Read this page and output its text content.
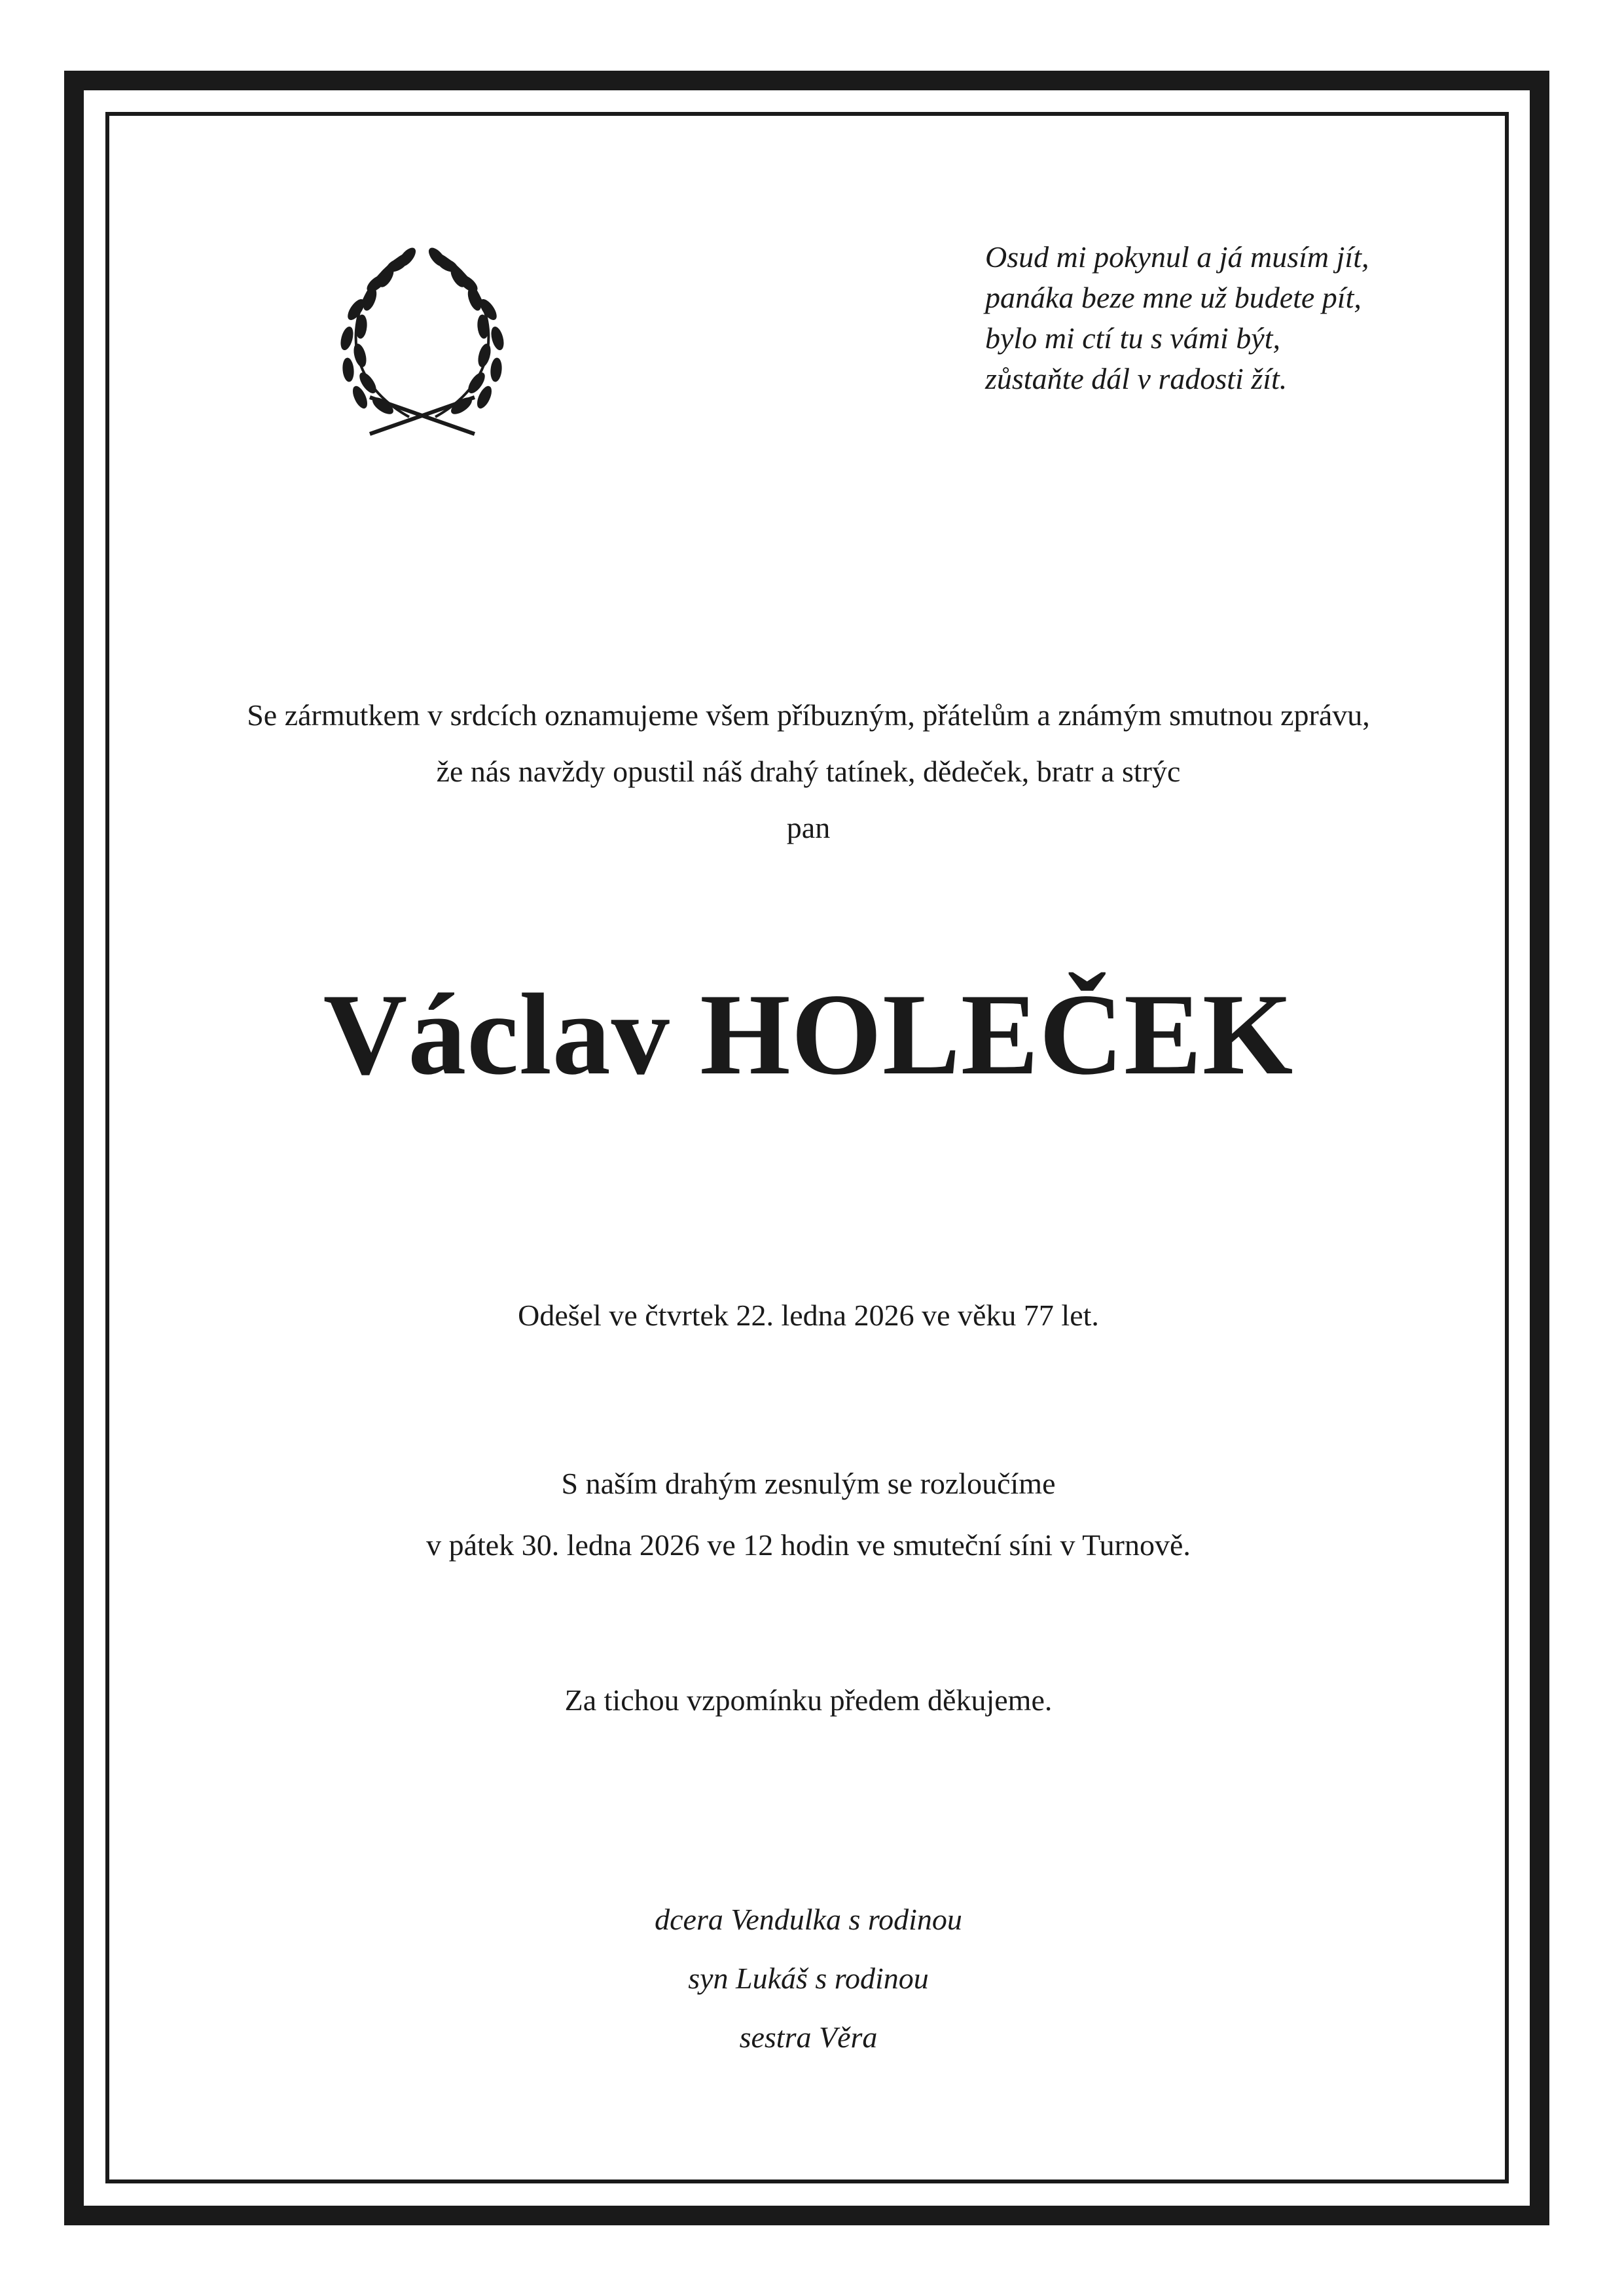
Osud mi pokynul a já musím jít,
panáka beze mne už budete pít,
bylo mi ctí tu s vámi být,
zůstaňte dál v radosti žít.
Se zármutkem v srdcích oznamujeme všem příbuzným, přátelům a známým smutnou zprávu,
že nás navždy opustil náš drahý tatínek, dědeček, bratr a strýc
pan
Václav HOLEČEK
Odešel ve čtvrtek 22. ledna 2026 ve věku 77 let.
S naším drahým zesnulým se rozloučíme
v pátek 30. ledna 2026 ve 12 hodin ve smuteční síni v Turnově.
Za tichou vzpomínku předem děkujeme.
dcera Vendulka s rodinou
syn Lukáš s rodinou
sestra Věra
